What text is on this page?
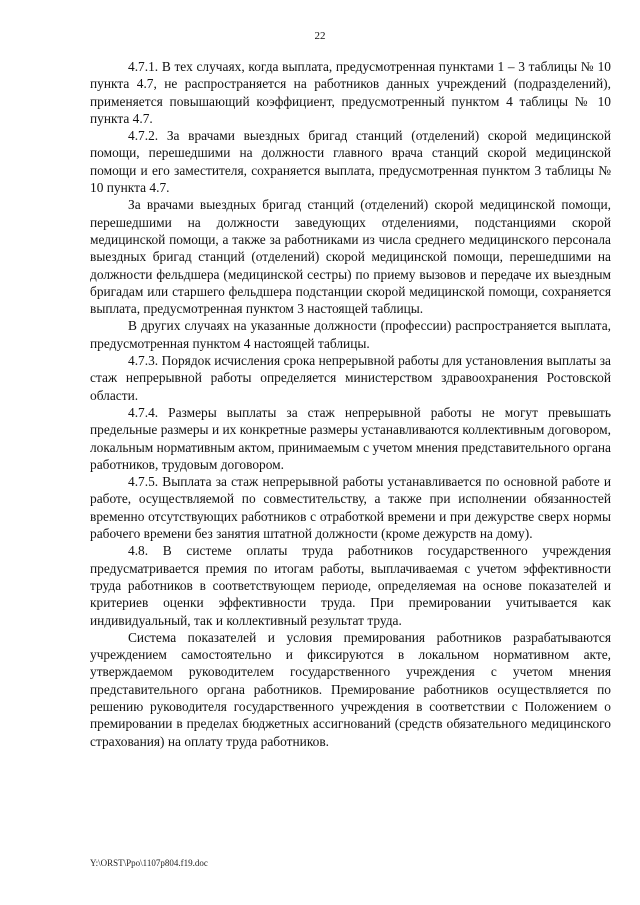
22

4.7.1. В тех случаях, когда выплата, предусмотренная пунктами 1 – 3 таблицы № 10 пункта 4.7, не распространяется на работников данных учреждений (подразделений), применяется повышающий коэффициент, предусмотренный пунктом 4 таблицы № 10 пункта 4.7.

4.7.2. За врачами выездных бригад станций (отделений) скорой медицинской помощи, перешедшими на должности главного врача станций скорой медицинской помощи и его заместителя, сохраняется выплата, предусмотренная пунктом 3 таблицы № 10 пункта 4.7.

За врачами выездных бригад станций (отделений) скорой медицинской помощи, перешедшими на должности заведующих отделениями, подстанциями скорой медицинской помощи, а также за работниками из числа среднего медицинского персонала выездных бригад станций (отделений) скорой медицинской помощи, перешедшими на должности фельдшера (медицинской сестры) по приему вызовов и передаче их выездным бригадам или старшего фельдшера подстанции скорой медицинской помощи, сохраняется выплата, предусмотренная пунктом 3 настоящей таблицы.

В других случаях на указанные должности (профессии) распространяется выплата, предусмотренная пунктом 4 настоящей таблицы.

4.7.3. Порядок исчисления срока непрерывной работы для установления выплаты за стаж непрерывной работы определяется министерством здравоохранения Ростовской области.

4.7.4. Размеры выплаты за стаж непрерывной работы не могут превышать предельные размеры и их конкретные размеры устанавливаются коллективным договором, локальным нормативным актом, принимаемым с учетом мнения представительного органа работников, трудовым договором.

4.7.5. Выплата за стаж непрерывной работы устанавливается по основной работе и работе, осуществляемой по совместительству, а также при исполнении обязанностей временно отсутствующих работников с отработкой времени и при дежурстве сверх нормы рабочего времени без занятия штатной должности (кроме дежурств на дому).

4.8. В системе оплаты труда работников государственного учреждения предусматривается премия по итогам работы, выплачиваемая с учетом эффективности труда работников в соответствующем периоде, определяемая на основе показателей и критериев оценки эффективности труда. При премировании учитывается как индивидуальный, так и коллективный результат труда.

Система показателей и условия премирования работников разрабатываются учреждением самостоятельно и фиксируются в локальном нормативном акте, утверждаемом руководителем государственного учреждения с учетом мнения представительного органа работников. Премирование работников осуществляется по решению руководителя государственного учреждения в соответствии с Положением о премировании в пределах бюджетных ассигнований (средств обязательного медицинского страхования) на оплату труда работников.

Y:\ORST\Ppo\1107p804.f19.doc
